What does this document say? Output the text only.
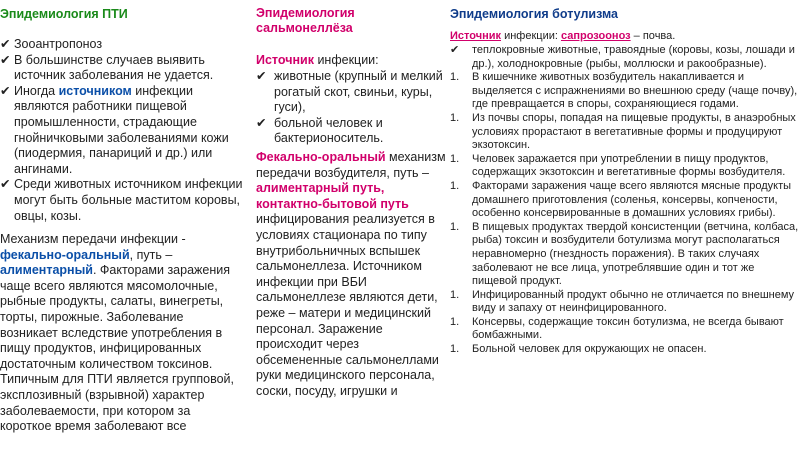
Эпидемиология ПТИ
✔ Зооантропоноз
✔ В большинстве случаев выявить источник заболевания не удается.
✔ Иногда источником инфекции являются работники пищевой промышленности, страдающие гнойничковыми заболеваниями кожи (пиодермия, панариций и др.) или ангинами.
✔ Среди животных источником инфекции могут быть больные маститом коровы, овцы, козы.
Механизм передачи инфекции - фекально-оральный, путь – алиментарный. Факторами заражения чаще всего являются мясомолочные, рыбные продукты, салаты, винегреты, торты, пирожные. Заболевание возникает вследствие употребления в пищу продуктов, инфицированных достаточным количеством токсинов. Типичным для ПТИ является групповой, эксплозивный (взрывной) характер заболеваемости, при котором за короткое время заболевают все
Эпидемиология сальмонеллёза
Источник инфекции:
✔ животные (крупный и мелкий рогатый скот, свиньи, куры, гуси),
✔ больной человек и бактерионоситель.
Фекально-оральный механизм передачи возбудителя, путь – алиментарный путь, контактно-бытовой путь инфицирования реализуется в условиях стационара по типу внутрибольничных вспышек сальмонеллеза. Источником инфекции при ВБИ сальмонеллезе являются дети, реже – матери и медицинский персонал. Заражение происходит через обсемененные сальмонеллами руки медицинского персонала, соски, посуду, игрушки и
Эпидемиология ботулизма
Источник инфекции: сапрозооноз – почва.
✔	теплокровные животные, травоядные (коровы, козы, лошади и др.), холоднокровные (рыбы, моллюски и ракообразные).
1.	В кишечнике животных возбудитель накапливается и выделяется с испражнениями во внешнюю среду (чаще почву), где превращается в споры, сохраняющиеся годами.
1.	Из почвы споры, попадая на пищевые продукты, в анаэробных условиях прорастают в вегетативные формы и продуцируют экзотоксин.
1.	Человек заражается при употреблении в пищу продуктов, содержащих экзотоксин и вегетативные формы возбудителя.
1.	Факторами заражения чаще всего являются мясные продукты домашнего приготовления (соленья, консервы, копчености, особенно консервированные в домашних условиях грибы).
1.	В пищевых продуктах твердой консистенции (ветчина, колбаса, рыба) токсин и возбудители ботулизма могут располагаться неравномерно (гнездность поражения). В таких случаях заболевают не все лица, употреблявшие один и тот же пищевой продукт.
1.	Инфицированный продукт обычно не отличается по внешнему виду и запаху от неинфицированного.
1.	Консервы, содержащие токсин ботулизма, не всегда бывают бомбажными.
1.	Больной человек для окружающих не опасен.
